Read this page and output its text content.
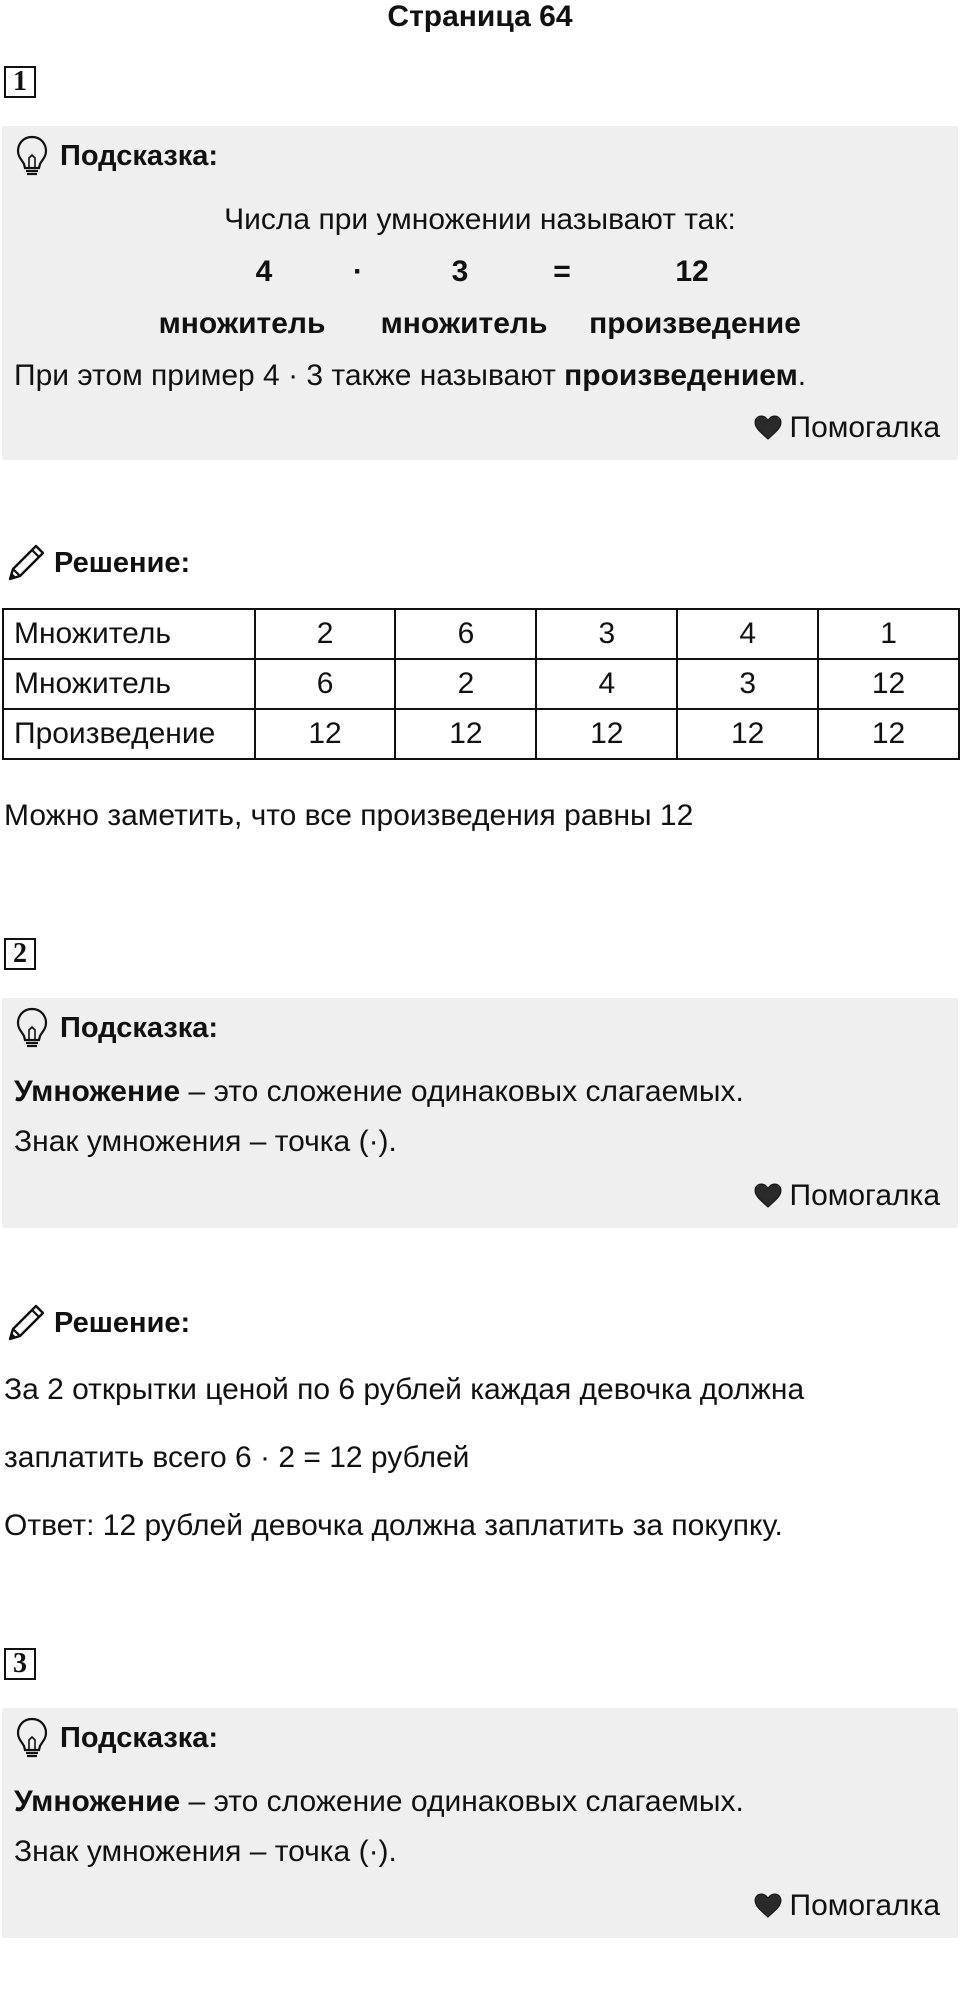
Страница 64
1
Подсказка:
Числа при умножении называют так:
4	·	3	=	12
множитель	множитель	произведение
При этом пример 4 · 3 также называют произведением.
Помогалка
Решение:
Множитель	2	6	3	4	1
Множитель	6	2	4	3	12
Произведение	12	12	12	12	12
Можно заметить, что все произведения равны 12
2
Подсказка:
Умножение – это сложение одинаковых слагаемых.
Знак умножения – точка (·).
Помогалка
Решение:
За 2 открытки ценой по 6 рублей каждая девочка должна
заплатить всего 6 · 2 = 12 рублей
Ответ: 12 рублей девочка должна заплатить за покупку.
3
Подсказка:
Умножение – это сложение одинаковых слагаемых.
Знак умножения – точка (·).
Помогалка
